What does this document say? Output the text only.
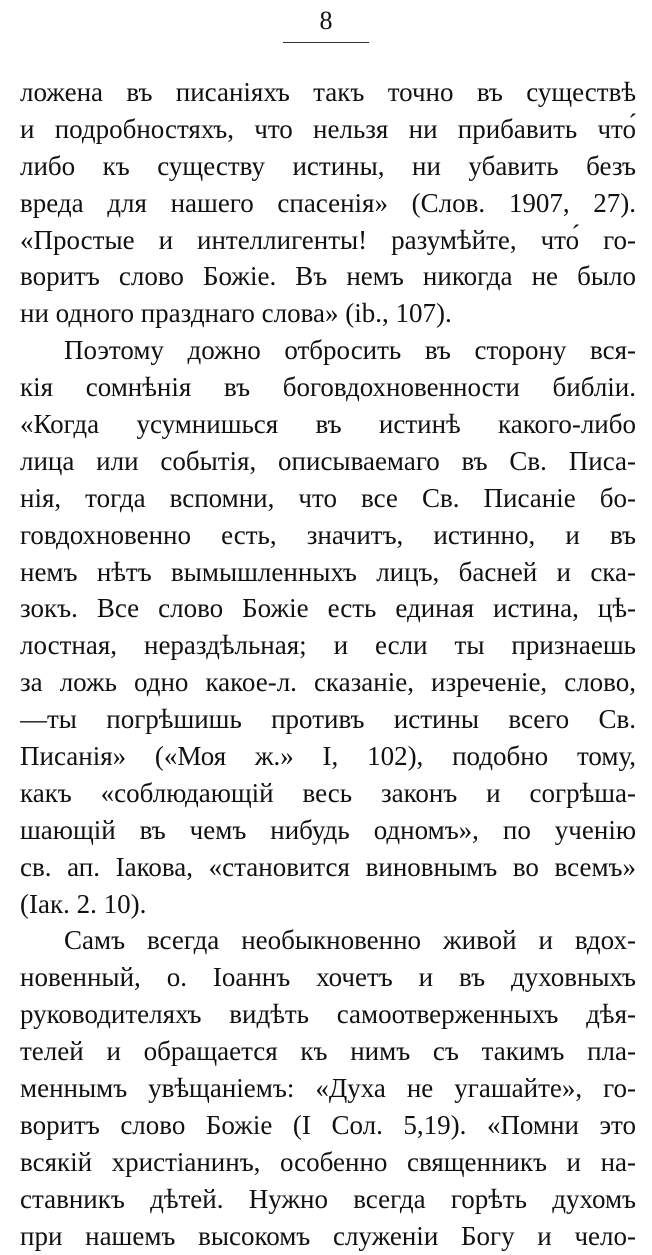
8
ложена въ писаніяхъ такъ точно въ существѣ
и подробностяхъ, что нельзя ни прибавить что́
либо къ существу истины, ни убавить безъ
вреда для нашего спасенія» (Слов. 1907, 27).
«Простые и интеллигенты! разумѣйте, что́ го-
воритъ слово Божіе. Въ немъ никогда не было
ни одного празднаго слова» (ib., 107).
Поэтому дожно отбросить въ сторону вся-
кія сомнѣнія въ боговдохновенности библіи.
«Когда усумнишься въ истинѣ какого-либо
лица или событія, описываемаго въ Св. Писа-
нія, тогда вспомни, что все Св. Писаніе бо-
говдохновенно есть, значитъ, истинно, и въ
немъ нѣтъ вымышленныхъ лицъ, басней и ска-
зокъ. Все слово Божіе есть единая истина, цѣ-
лостная, нераздѣльная; и если ты признаешь
за ложь одно какое-л. сказаніе, изреченіе, слово,
—ты погрѣшишь противъ истины всего Св.
Писанія» («Моя ж.» I, 102), подобно тому,
какъ «соблюдающій весь законъ и согрѣша-
шающій въ чемъ нибудь одномъ», по ученію
св. ап. Іакова, «становится виновнымъ во всемъ»
(Іак. 2. 10).
Самъ всегда необыкновенно живой и вдох-
новенный, о. Іоаннъ хочетъ и въ духовныхъ
руководителяхъ видѣть самоотверженныхъ дѣя-
телей и обращается къ нимъ съ такимъ пла-
меннымъ увѣщаніемъ: «Духа не угашайте», го-
воритъ слово Божіе (I Сол. 5,19). «Помни это
всякій христіанинъ, особенно священникъ и на-
ставникъ дѣтей. Нужно всегда горѣть духомъ
при нашемъ высокомъ служеніи Богу и чело-
